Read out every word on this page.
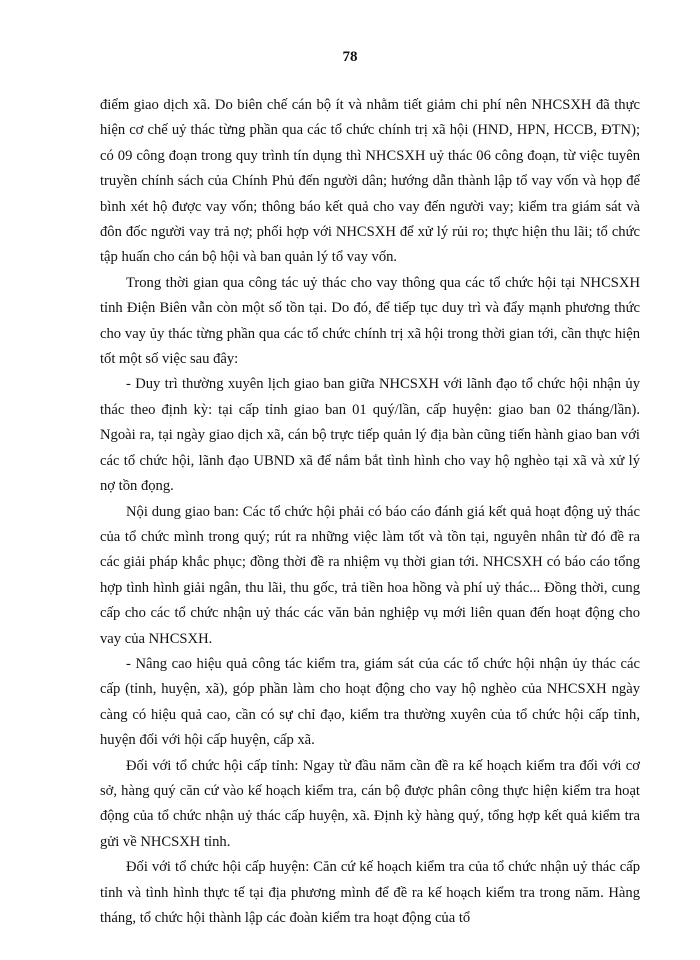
78

điểm giao dịch xã. Do biên chế cán bộ ít và nhằm tiết giảm chi phí nên NHCSXH đã thực hiện cơ chế uỷ thác từng phần qua các tổ chức chính trị xã hội (HND, HPN, HCCB, ĐTN); có 09 công đoạn trong quy trình tín dụng thì NHCSXH uỷ thác 06 công đoạn, từ việc tuyên truyền chính sách của Chính Phủ đến người dân; hướng dẫn thành lập tổ vay vốn và họp để bình xét hộ được vay vốn; thông báo kết quả cho vay đến người vay; kiểm tra giám sát và đôn đốc người vay trả nợ; phối hợp với NHCSXH để xử lý rủi ro; thực hiện thu lãi; tổ chức tập huấn cho cán bộ hội và ban quản lý tổ vay vốn.

Trong thời gian qua công tác uỷ thác cho vay thông qua các tổ chức hội tại NHCSXH tỉnh Điện Biên vẫn còn một số tồn tại. Do đó, để tiếp tục duy trì và đẩy mạnh phương thức cho vay ủy thác từng phần qua các tổ chức chính trị xã hội trong thời gian tới, cần thực hiện tốt một số việc sau đây:

- Duy trì thường xuyên lịch giao ban giữa NHCSXH với lãnh đạo tổ chức hội nhận ủy thác theo định kỳ: tại cấp tỉnh giao ban 01 quý/lần, cấp huyện: giao ban 02 tháng/lần). Ngoài ra, tại ngày giao dịch xã, cán bộ trực tiếp quản lý địa bàn cũng tiến hành giao ban với các tổ chức hội, lãnh đạo UBND xã để nắm bắt tình hình cho vay hộ nghèo tại xã và xử lý nợ tồn đọng.

Nội dung giao ban: Các tổ chức hội phải có báo cáo đánh giá kết quả hoạt động uỷ thác của tổ chức mình trong quý; rút ra những việc làm tốt và tồn tại, nguyên nhân từ đó đề ra các giải pháp khắc phục; đồng thời đề ra nhiệm vụ thời gian tới. NHCSXH có báo cáo tổng hợp tình hình giải ngân, thu lãi, thu gốc, trả tiền hoa hồng và phí uỷ thác... Đồng thời, cung cấp cho các tổ chức nhận uỷ thác các văn bản nghiệp vụ mới liên quan đến hoạt động cho vay của NHCSXH.

- Nâng cao hiệu quả công tác kiểm tra, giám sát của các tổ chức hội nhận ủy thác các cấp (tỉnh, huyện, xã), góp phần làm cho hoạt động cho vay hộ nghèo của NHCSXH ngày càng có hiệu quả cao, cần có sự chỉ đạo, kiểm tra thường xuyên của tổ chức hội cấp tỉnh, huyện đối với hội cấp huyện, cấp xã.

Đối với tổ chức hội cấp tỉnh: Ngay từ đầu năm cần đề ra kế hoạch kiểm tra đối với cơ sở, hàng quý căn cứ vào kế hoạch kiểm tra, cán bộ được phân công thực hiện kiểm tra hoạt động của tổ chức nhận uỷ thác cấp huyện, xã. Định kỳ hàng quý, tổng hợp kết quả kiểm tra gửi về NHCSXH tỉnh.

Đối với tổ chức hội cấp huyện: Căn cứ kế hoạch kiểm tra của tổ chức nhận uỷ thác cấp tỉnh và tình hình thực tế tại địa phương mình để đề ra kế hoạch kiểm tra trong năm. Hàng tháng, tổ chức hội thành lập các đoàn kiểm tra hoạt động của tổ
